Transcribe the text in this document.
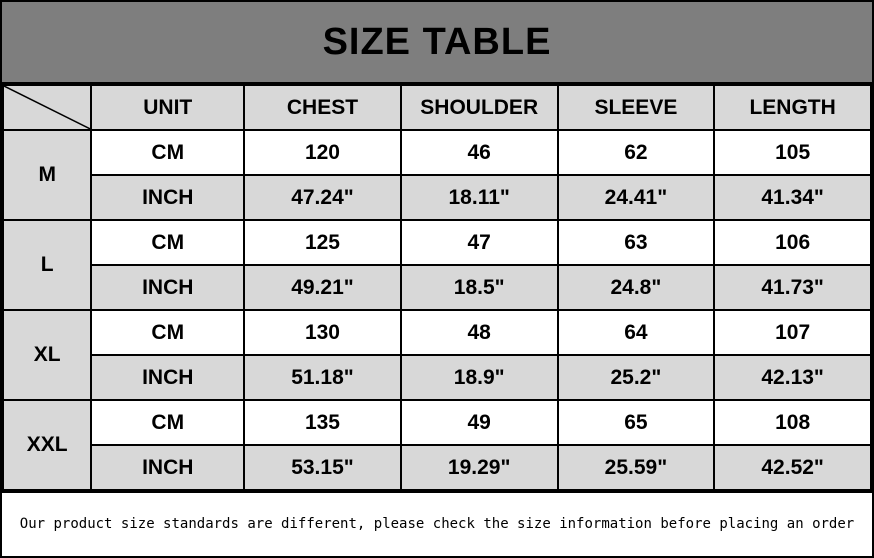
SIZE TABLE
	UNIT	CHEST	SHOULDER	SLEEVE	LENGTH
M	CM	120	46	62	105
	INCH	47.24"	18.11"	24.41"	41.34"
L	CM	125	47	63	106
	INCH	49.21"	18.5"	24.8"	41.73"
XL	CM	130	48	64	107
	INCH	51.18"	18.9"	25.2"	42.13"
XXL	CM	135	49	65	108
	INCH	53.15"	19.29"	25.59"	42.52"
Our product size standards are different, please check the size information before placing an order
